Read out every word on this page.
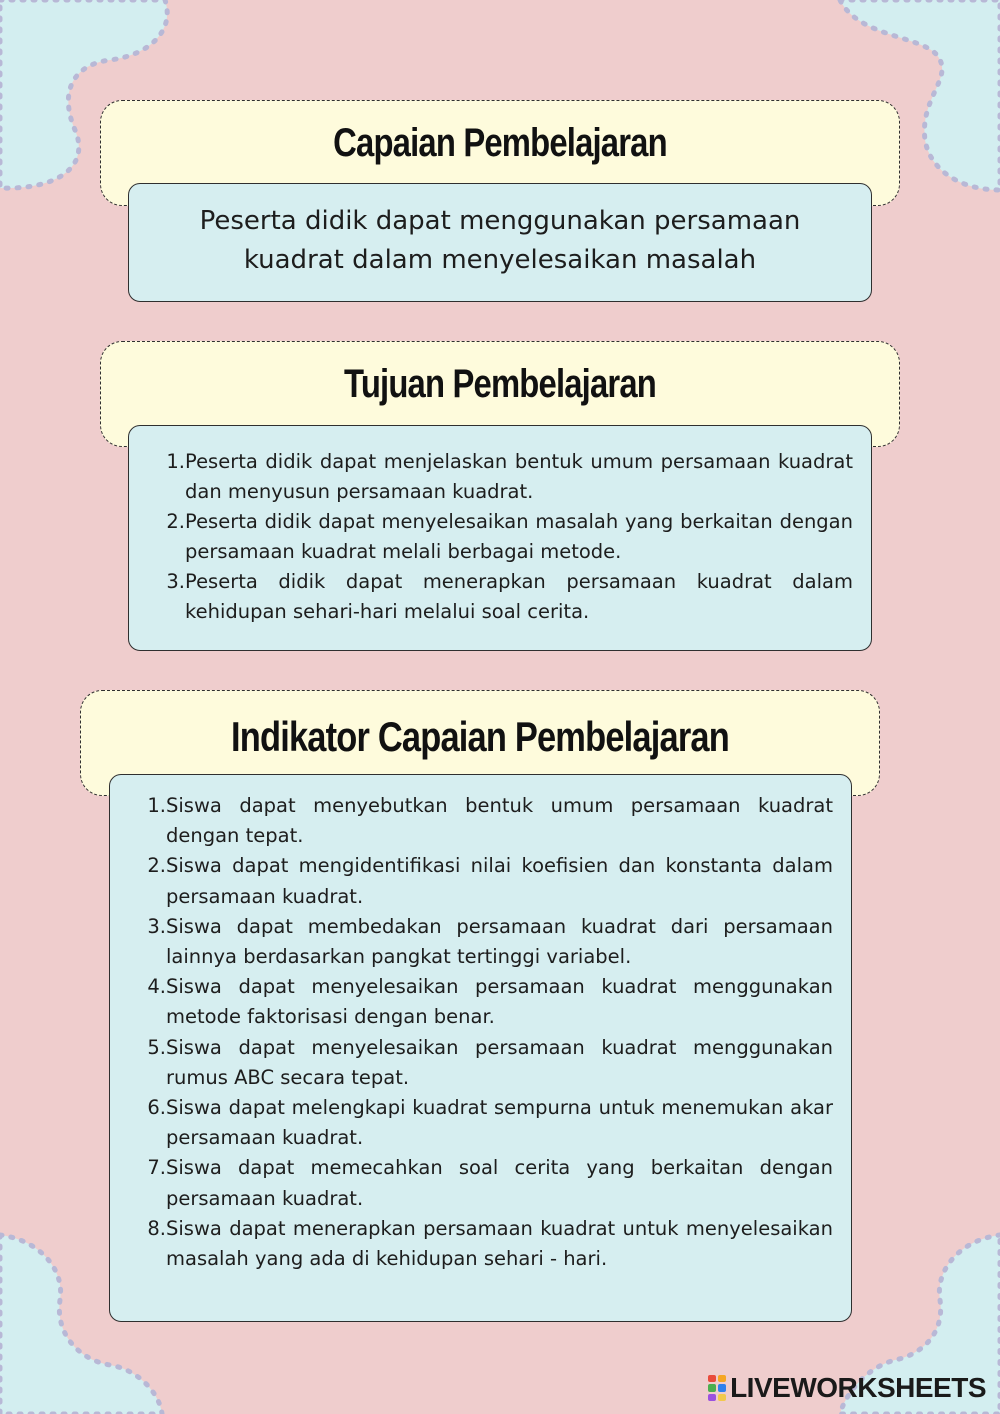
Capaian Pembelajaran
Peserta didik dapat menggunakan persamaan kuadrat dalam menyelesaikan masalah
Tujuan Pembelajaran
1. Peserta didik dapat menjelaskan bentuk umum persamaan kuadrat dan menyusun persamaan kuadrat.
2. Peserta didik dapat menyelesaikan masalah yang berkaitan dengan persamaan kuadrat melali berbagai metode.
3. Peserta didik dapat menerapkan persamaan kuadrat dalam kehidupan sehari-hari melalui soal cerita.
Indikator Capaian Pembelajaran
1. Siswa dapat menyebutkan bentuk umum persamaan kuadrat dengan tepat.
2. Siswa dapat mengidentifikasi nilai koefisien dan konstanta dalam persamaan kuadrat.
3. Siswa dapat membedakan persamaan kuadrat dari persamaan lainnya berdasarkan pangkat tertinggi variabel.
4. Siswa dapat menyelesaikan persamaan kuadrat menggunakan metode faktorisasi dengan benar.
5. Siswa dapat menyelesaikan persamaan kuadrat menggunakan rumus ABC secara tepat.
6. Siswa dapat melengkapi kuadrat sempurna untuk menemukan akar persamaan kuadrat.
7. Siswa dapat memecahkan soal cerita yang berkaitan dengan persamaan kuadrat.
8. Siswa dapat menerapkan persamaan kuadrat untuk menyelesaikan masalah yang ada di kehidupan sehari - hari.
LIVEWORKSHEETS
